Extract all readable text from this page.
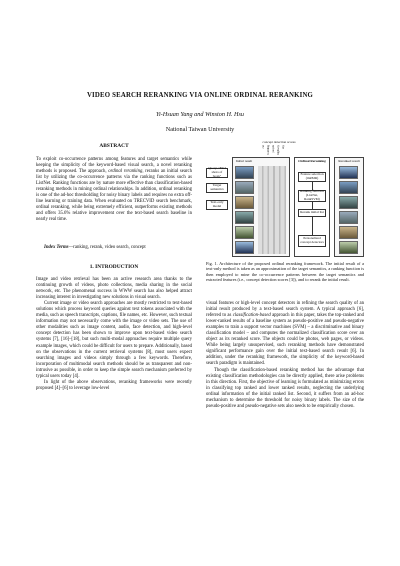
VIDEO SEARCH RERANKING VIA ONLINE ORDINAL RERANKING
Yi-Hsuan Yang and Winston H. Hsu
National Taiwan University
ABSTRACT

To exploit co-occurrence patterns among features and target semantics while keeping the simplicity of the keyword-based visual search, a novel reranking methods is proposed. The approach, ordinal reranking, reranks an initial search list by utilizing the co-occurrence patterns via the ranking functions such as ListNet. Ranking functions are by nature more effective than classification-based reranking methods in mining ordinal relationships. In addition, ordinal reranking is one of the ad-hoc thresholding for noisy binary labels and requires no extra off-line learning or training data. When evaluated on TRECVID search benchmark, ordinal reranking, while being extremely efficient, outperforms existing methods and offers 35.6% relative improvement over the text-based search baseline in nearly real time.

Index Terms—ranking, rerank, video search, concept
1. INTRODUCTION

Image and video retrieval has been an active research area thanks to the continuing growth of videos, photo collections, media sharing in the social network, etc. The phenomenal success in WWW search has also helped attract increasing interest in investigating new solutions in visual search.

Current image or video search approaches are mostly restricted to text-based solutions which process keyword queries against text tokens associated with the media, such as speech transcripts, captions, file names, etc. However, such textual information may not necessarily come with the image or video sets. The use of other modalities such as image content, audio, face detection, and high-level concept detection has been shown to improve upon text-based video search systems [7], [16]–[18], but such multi-modal approaches require multiple query example images, which could be difficult for users to prepare. Additionally, based on the observations in the current retrieval systems [8], most users expect searching images and videos simply through a few keywords. Therefore, incorporation of multimodal search methods should be as transparent and non-intrusive as possible, in order to keep the simple search mechanism preferred by typical users today [4].

In light of the above observations, reranking frameworks were recently proposed [4]–[6] to leverage low-level

concept detection scores
car building people highway sky
Query: "Find shots of boats"
Target semantics
Text-only model
Initial result	Ordinal Reranking
Feature selection (mRMR)
Ranking function (ListNet, RankSVM)
Rerank initial list
Personalized concept detectors
Reranked result
Fig. 1. Architecture of the proposed ordinal reranking framework. The initial result of a text-only method is taken as an approximation of the target semantics, a ranking function is then employed to mine the co-occurrence patterns between the target semantics and extracted features (i.e., concept detection scores [3]), and to rerank the initial result.

visual features or high-level concept detectors in refining the search quality of an initial result produced by a text-based search system. A typical approach [6], referred to as classification-based approach in this paper, takes the top-ranked and lower-ranked results of a baseline system as pseudo-positive and pseudo-negative examples to train a support vector machines (SVM) – a discriminative and binary classification model – and computes the normalized classification score over an object as its reranked score. The objects could be photos, web pages, or videos. While being largely unsupervised, such reranking methods have demonstrated significant performance gain over the initial text-based search result [6]. In addition, under the reranking framework, the simplicity of the keyword-based search paradigm is maintained.

Though the classification-based reranking method has the advantage that existing classification methodologies can be directly applied, there arise problems in this direction. First, the objective of learning is formulated as minimizing errors in classifying top ranked and lower ranked results, neglecting the underlying ordinal information of the initial ranked list. Second, it suffers from an ad-hoc mechanism to determine the threshold for noisy binary labels. The size of the pseudo-positive and pseudo-negative sets also needs to be empirically chosen.
